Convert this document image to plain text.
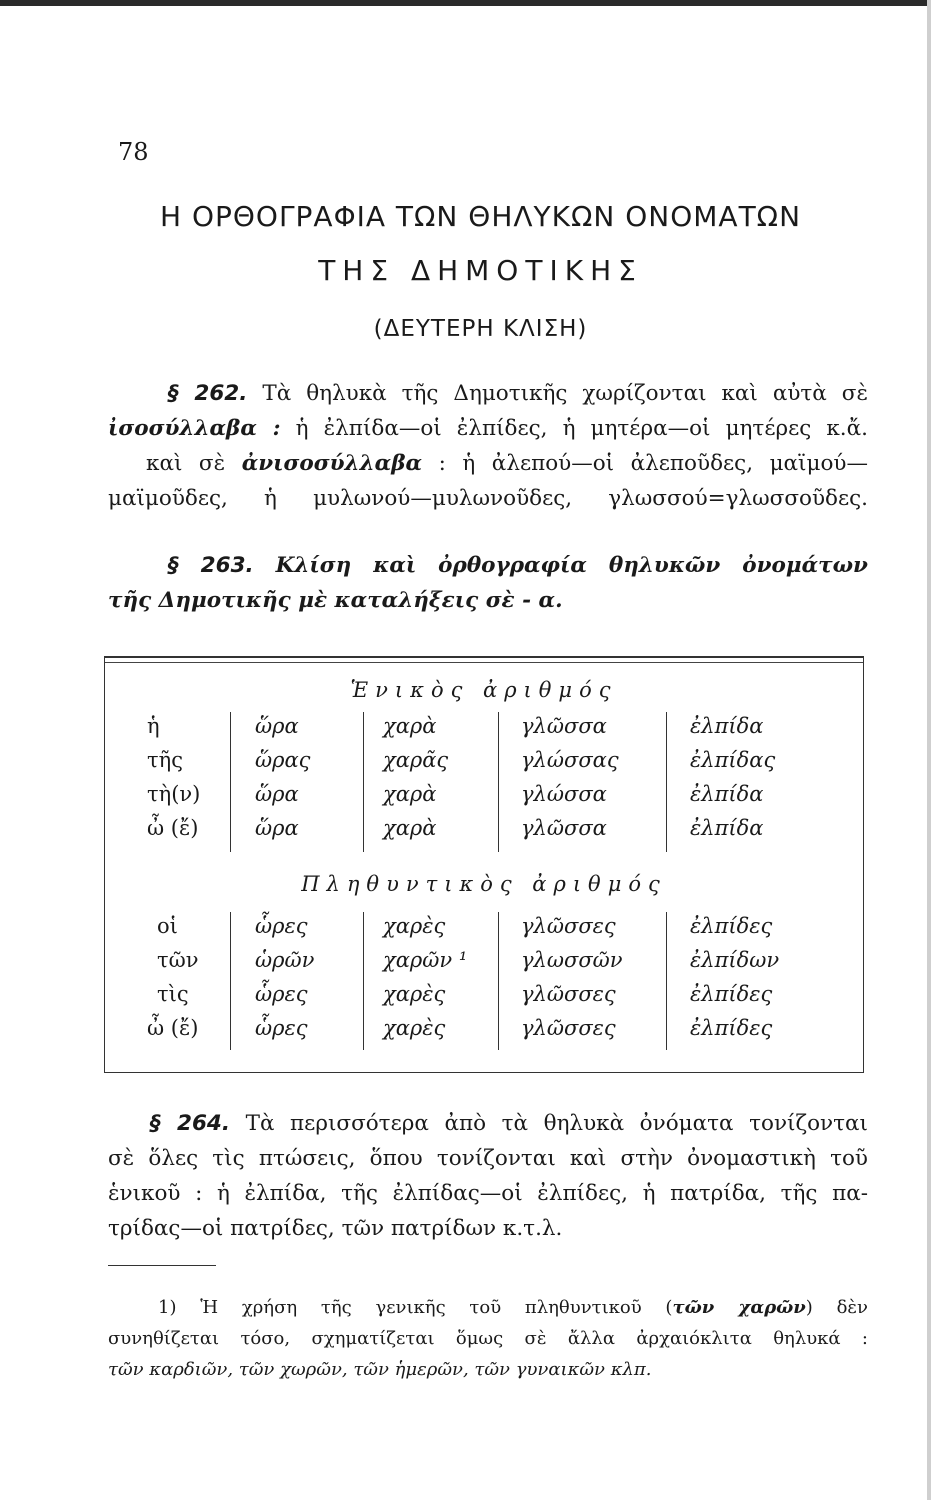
78
Η ΟΡΘΟΓΡΑΦΙΑ ΤΩΝ ΘΗΛΥΚΩΝ ΟΝΟΜΑΤΩΝ
ΤΗΣ ΔΗΜΟΤΙΚΗΣ
(ΔΕΥΤΕΡΗ ΚΛΙΣΗ)
§ 262. Τὰ θηλυκὰ τῆς Δημοτικῆς χωρίζονται καὶ αὐτὰ σὲ
ἰσοσύλλαβα : ἡ ἐλπίδα—οἱ ἐλπίδες, ἡ μητέρα—οἱ μητέρες κ.ἄ.
καὶ σὲ ἀνισοσύλλαβα : ἡ ἀλεπού—οἱ ἀλεποῦδες, μαϊμού—
μαϊμοῦδες, ἡ μυλωνού—μυλωνοῦδες, γλωσσού=γλωσσοῦδες.
§ 263. Κλίση καὶ ὀρθογραφία θηλυκῶν ὀνομάτων
τῆς Δημοτικῆς μὲ καταλήξεις σὲ - α.
Ἑνικὸς ἀριθμός
ἡ	ὥρα	χαρὰ	γλῶσσα	ἐλπίδα
τῆς	ὥρας	χαρᾶς	γλώσσας	ἐλπίδας
τὴ(ν)	ὥρα	χαρὰ	γλώσσα	ἐλπίδα
ὦ (ἔ)	ὥρα	χαρὰ	γλῶσσα	ἐλπίδα
Πληθυντικὸς ἀριθμός
οἱ	ὧρες	χαρὲς	γλῶσσες	ἐλπίδες
τῶν	ὡρῶν	χαρῶν ¹	γλωσσῶν	ἐλπίδων
τὶς	ὧρες	χαρὲς	γλῶσσες	ἐλπίδες
ὦ (ἔ)	ὧρες	χαρὲς	γλῶσσες	ἐλπίδες
§ 264. Τὰ περισσότερα ἀπὸ τὰ θηλυκὰ ὀνόματα τονίζονται
σὲ ὅλες τὶς πτώσεις, ὅπου τονίζονται καὶ στὴν ὀνομαστικὴ τοῦ
ἑνικοῦ : ἡ ἐλπίδα, τῆς ἐλπίδας—οἱ ἐλπίδες, ἡ πατρίδα, τῆς πα-
τρίδας—οἱ πατρίδες, τῶν πατρίδων κ.τ.λ.
1) Ἡ χρήση τῆς γενικῆς τοῦ πληθυντικοῦ (τῶν χαρῶν) δὲν
συνηθίζεται τόσο, σχηματίζεται ὅμως σὲ ἄλλα ἀρχαιόκλιτα θηλυκά :
τῶν καρδιῶν, τῶν χωρῶν, τῶν ἡμερῶν, τῶν γυναικῶν κλπ.
